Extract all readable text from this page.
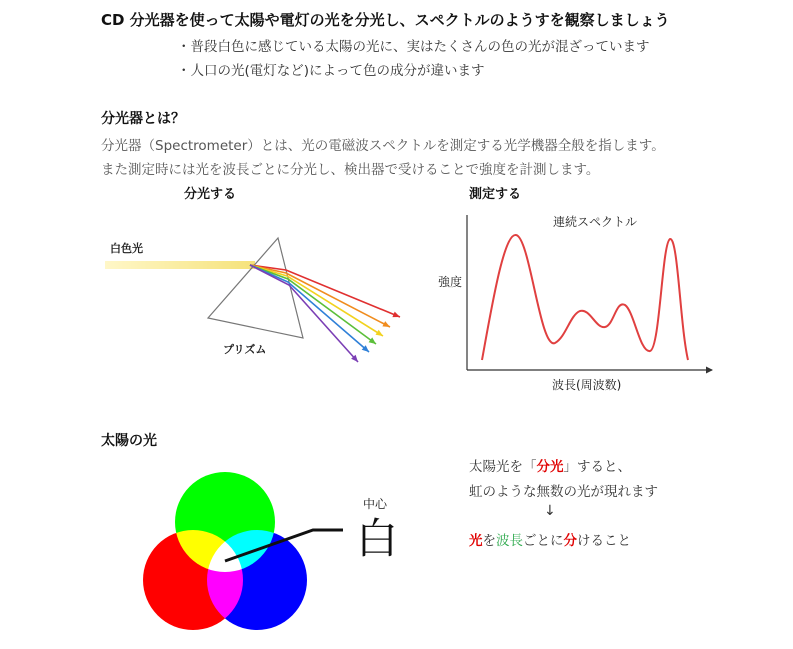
CD 分光器を使って太陽や電灯の光を分光し、スペクトルのようすを観察しましょう
・普段白色に感じている太陽の光に、実はたくさんの色の光が混ざっています
・人口の光(電灯など)によって色の成分が違います
分光器とは？
分光器（Spectrometer）とは、光の電磁波スペクトルを測定する光学機器全般を指します。
また測定時には光を波長ごとに分光し、検出器で受けることで強度を計測します。
分光する	測定する
白色光
プリズム
連続スペクトル
強度
波長(周波数)
太陽の光
中心
白
太陽光を「分光」すると、
虹のような無数の光が現れます
↓
光を波長ごとに分けること
